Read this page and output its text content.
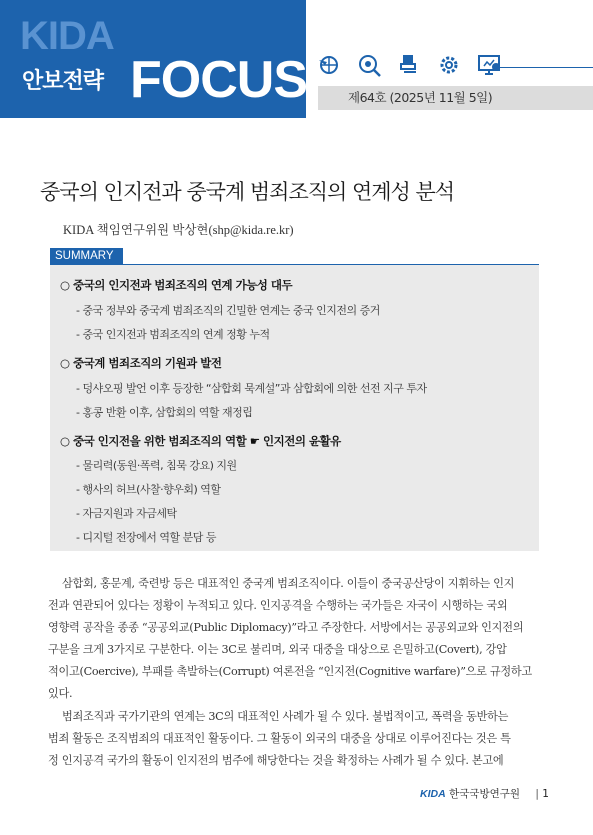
KIDA
안보전략 FOCUS	제64호 (2025년 11월 5일)
중국의 인지전과 중국계 범죄조직의 연계성 분석
KIDA 책임연구위원 박상현(shp@kida.re.kr)
SUMMARY
○ 중국의 인지전과 범죄조직의 연계 가능성 대두
- 중국 정부와 중국계 범죄조직의 긴밀한 연계는 중국 인지전의 증거
- 중국 인지전과 범죄조직의 연계 정황 누적
○ 중국계 범죄조직의 기원과 발전
- 덩샤오핑 발언 이후 등장한 “삼합회 묵계설”과 삼합회에 의한 선전 지구 투자
- 홍콩 반환 이후, 삼합회의 역할 재정립
○ 중국 인지전을 위한 범죄조직의 역할 ☛ 인지전의 윤활유
- 물리력(동원·폭력, 침묵 강요) 지원
- 행사의 허브(사찰·향우회) 역할
- 자금지원과 자금세탁
- 디지털 전장에서 역할 분담 등
삼합회, 홍문계, 죽련방 등은 대표적인 중국계 범죄조직이다. 이들이 중국공산당이 지휘하는 인지
전과 연관되어 있다는 정황이 누적되고 있다. 인지공격을 수행하는 국가들은 자국이 시행하는 국외
영향력 공작을 종종 “공공외교(Public Diplomacy)”라고 주장한다. 서방에서는 공공외교와 인지전의
구분을 크게 3가지로 구분한다. 이는 3C로 불리며, 외국 대중을 대상으로 은밀하고(Covert), 강압
적이고(Coercive), 부패를 촉발하는(Corrupt) 여론전을 “인지전(Cognitive warfare)”으로 규정하고
있다.
범죄조직과 국가기관의 연계는 3C의 대표적인 사례가 될 수 있다. 불법적이고, 폭력을 동반하는
범죄 활동은 조직범죄의 대표적인 활동이다. 그 활동이 외국의 대중을 상대로 이루어진다는 것은 특
정 인지공격 국가의 활동이 인지전의 범주에 해당한다는 것을 확정하는 사례가 될 수 있다. 본고에
KIDA 한국국방연구원 | 1
